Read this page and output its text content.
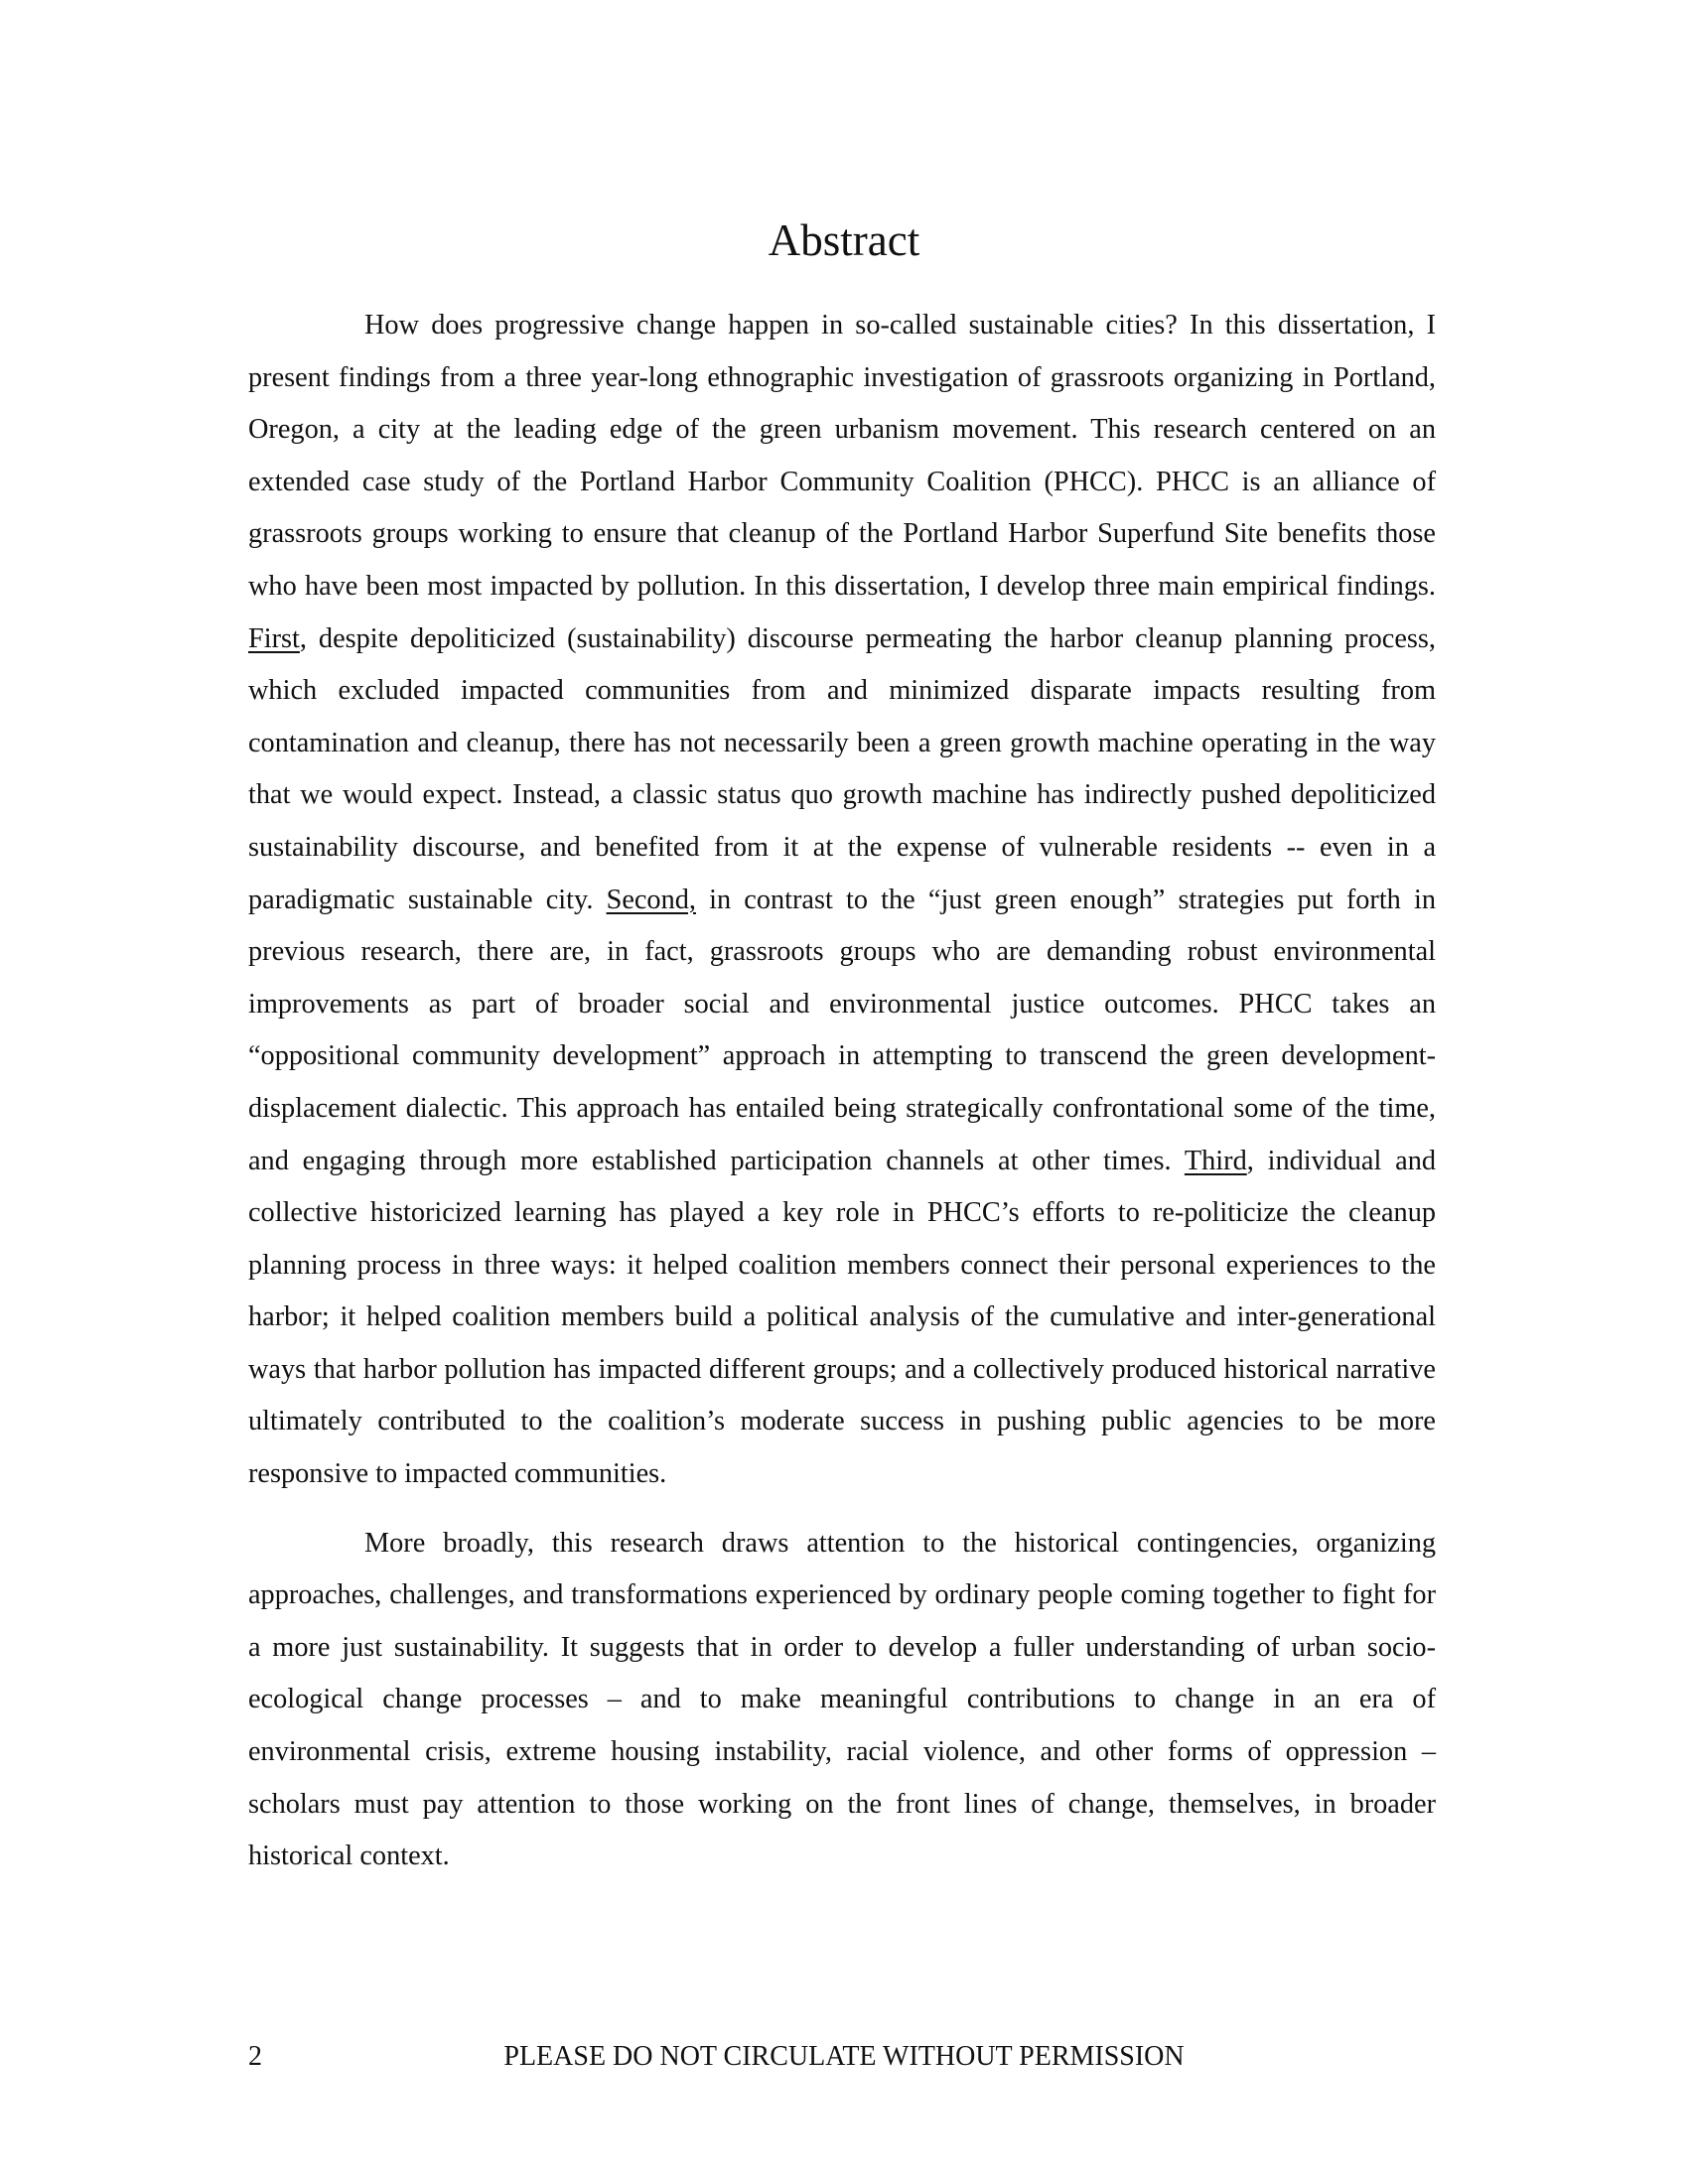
Abstract

How does progressive change happen in so-called sustainable cities? In this dissertation, I present findings from a three year-long ethnographic investigation of grassroots organizing in Portland, Oregon, a city at the leading edge of the green urbanism movement. This research centered on an extended case study of the Portland Harbor Community Coalition (PHCC). PHCC is an alliance of grassroots groups working to ensure that cleanup of the Portland Harbor Superfund Site benefits those who have been most impacted by pollution. In this dissertation, I develop three main empirical findings. First, despite depoliticized (sustainability) discourse permeating the harbor cleanup planning process, which excluded impacted communities from and minimized disparate impacts resulting from contamination and cleanup, there has not necessarily been a green growth machine operating in the way that we would expect. Instead, a classic status quo growth machine has indirectly pushed depoliticized sustainability discourse, and benefited from it at the expense of vulnerable residents -- even in a paradigmatic sustainable city. Second, in contrast to the “just green enough” strategies put forth in previous research, there are, in fact, grassroots groups who are demanding robust environmental improvements as part of broader social and environmental justice outcomes. PHCC takes an “oppositional community development” approach in attempting to transcend the green development-displacement dialectic. This approach has entailed being strategically confrontational some of the time, and engaging through more established participation channels at other times. Third, individual and collective historicized learning has played a key role in PHCC’s efforts to re-politicize the cleanup planning process in three ways: it helped coalition members connect their personal experiences to the harbor; it helped coalition members build a political analysis of the cumulative and inter-generational ways that harbor pollution has impacted different groups; and a collectively produced historical narrative ultimately contributed to the coalition’s moderate success in pushing public agencies to be more responsive to impacted communities.

More broadly, this research draws attention to the historical contingencies, organizing approaches, challenges, and transformations experienced by ordinary people coming together to fight for a more just sustainability. It suggests that in order to develop a fuller understanding of urban socio-ecological change processes – and to make meaningful contributions to change in an era of environmental crisis, extreme housing instability, racial violence, and other forms of oppression – scholars must pay attention to those working on the front lines of change, themselves, in broader historical context.

2	PLEASE DO NOT CIRCULATE WITHOUT PERMISSION
